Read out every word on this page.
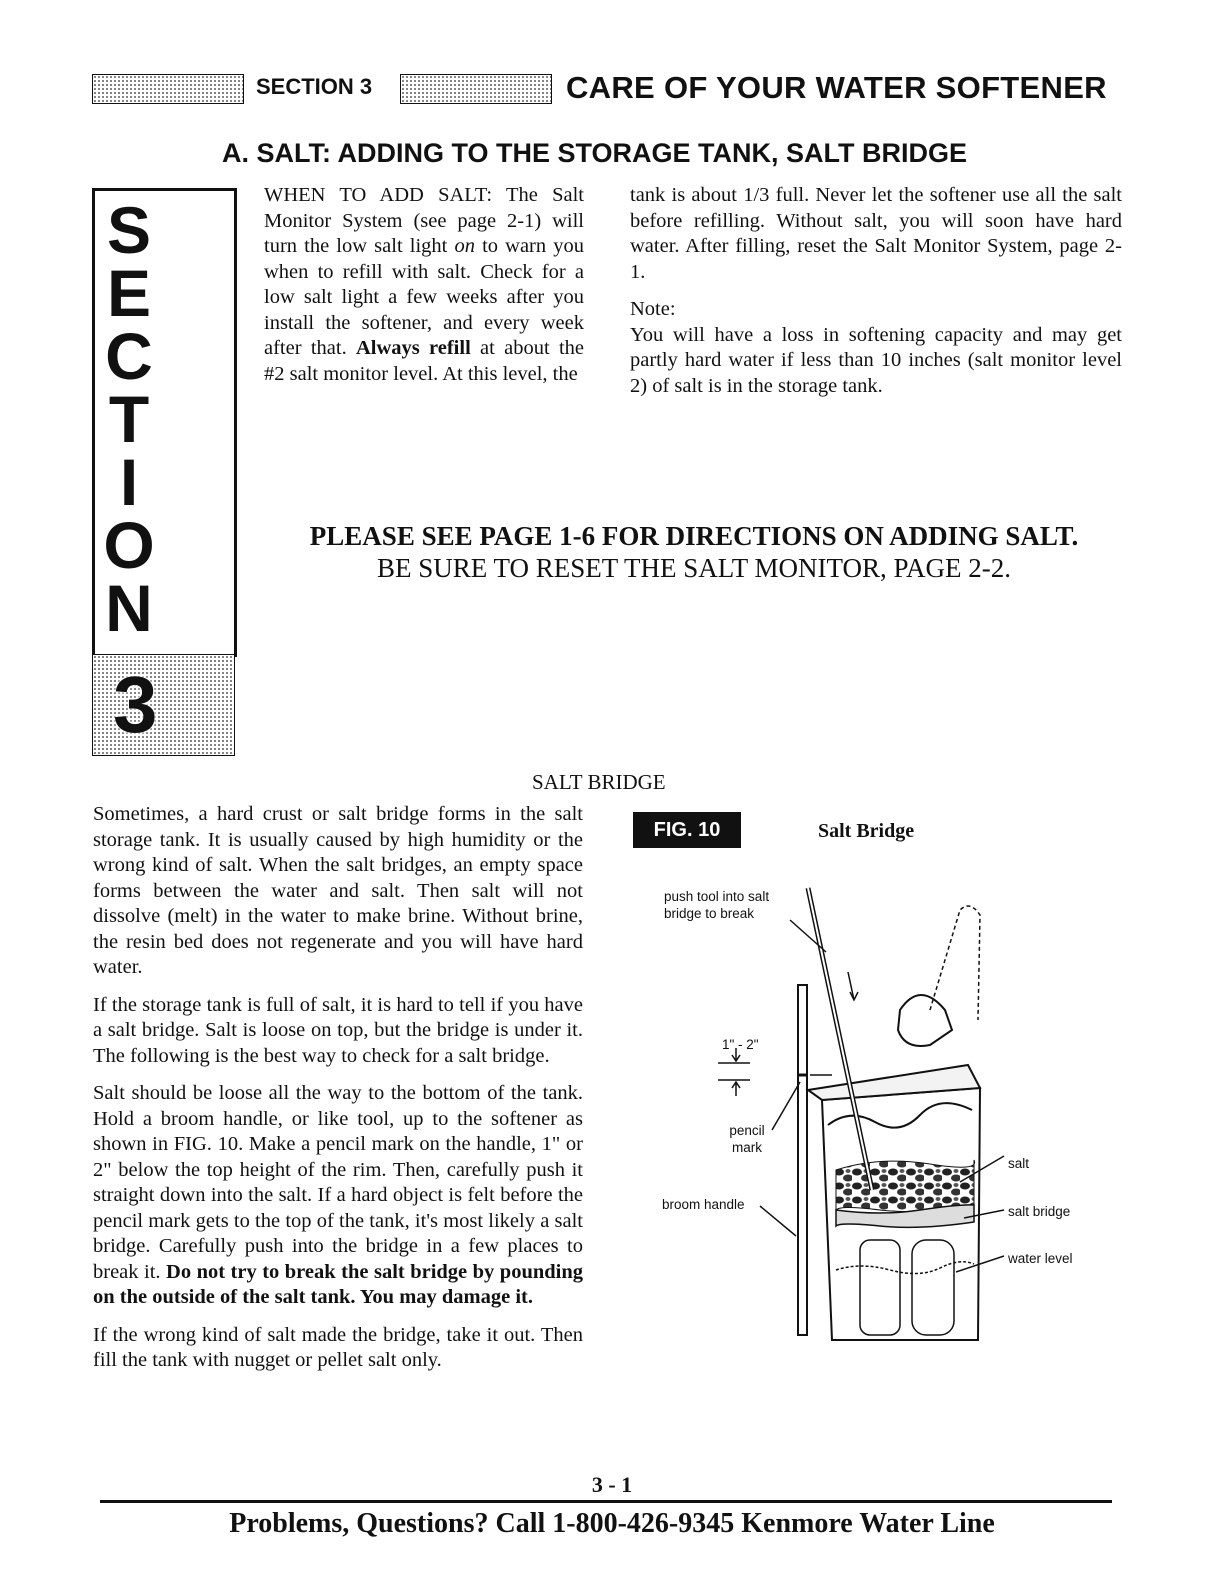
SECTION 3	CARE OF YOUR WATER SOFTENER
A. SALT: ADDING TO THE STORAGE TANK, SALT BRIDGE
S
E
C
T
I
O
N
3

WHEN TO ADD SALT: The Salt Monitor System (see page 2-1) will turn the low salt light on to warn you when to refill with salt. Check for a low salt light a few weeks after you install the softener, and every week after that. Always refill at about the #2 salt monitor level. At this level, the

tank is about 1/3 full. Never let the softener use all the salt before refilling. Without salt, you will soon have hard water. After filling, reset the Salt Monitor System, page 2-1.

Note:

You will have a loss in softening capacity and may get partly hard water if less than 10 inches (salt monitor level 2) of salt is in the storage tank.

PLEASE SEE PAGE 1-6 FOR DIRECTIONS ON ADDING SALT.
BE SURE TO RESET THE SALT MONITOR, PAGE 2-2.
SALT BRIDGE

Sometimes, a hard crust or salt bridge forms in the salt storage tank. It is usually caused by high humidity or the wrong kind of salt. When the salt bridges, an empty space forms between the water and salt. Then salt will not dissolve (melt) in the water to make brine. Without brine, the resin bed does not regenerate and you will have hard water.

If the storage tank is full of salt, it is hard to tell if you have a salt bridge. Salt is loose on top, but the bridge is under it. The following is the best way to check for a salt bridge.

Salt should be loose all the way to the bottom of the tank. Hold a broom handle, or like tool, up to the softener as shown in FIG. 10. Make a pencil mark on the handle, 1" or 2" below the top height of the rim. Then, carefully push it straight down into the salt. If a hard object is felt before the pencil mark gets to the top of the tank, it's most likely a salt bridge. Carefully push into the bridge in a few places to break it. Do not try to break the salt bridge by pounding on the outside of the salt tank. You may damage it.

If the wrong kind of salt made the bridge, take it out. Then fill the tank with nugget or pellet salt only.

FIG. 10	Salt Bridge
push tool into salt bridge to break
1" - 2"
pencil mark
broom handle
salt
salt bridge
water level
3 - 1
Problems, Questions? Call 1-800-426-9345 Kenmore Water Line
